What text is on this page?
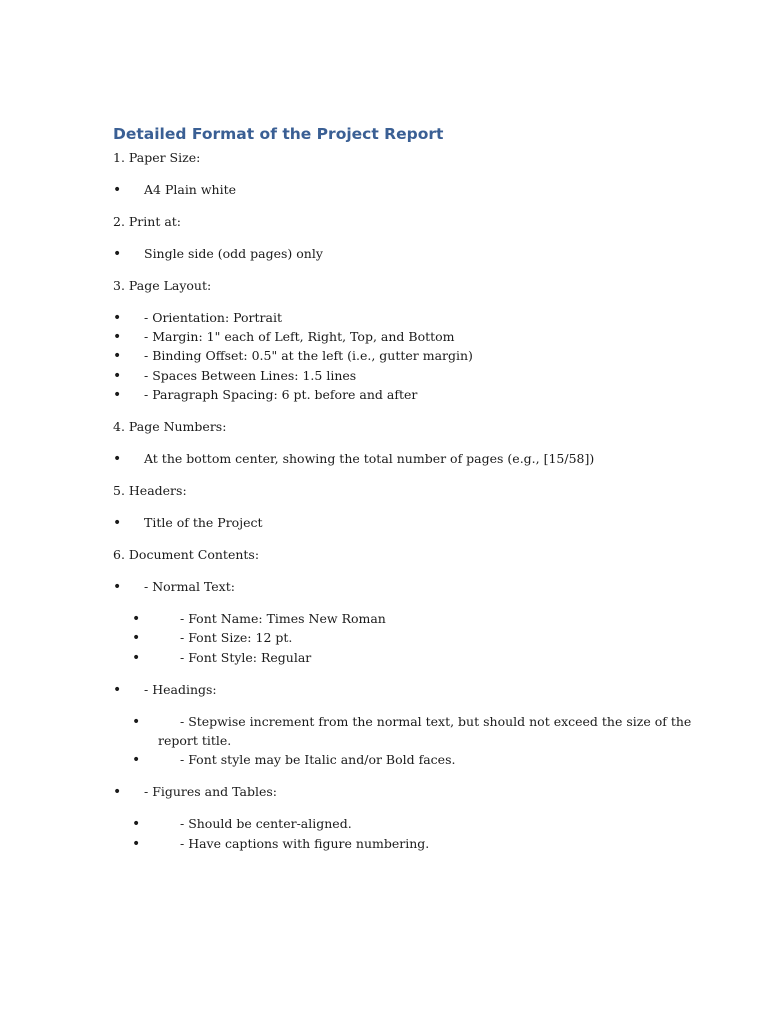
Detailed Format of the Project Report
1. Paper Size:
• A4 Plain white
2. Print at:
• Single side (odd pages) only
3. Page Layout:
• - Orientation: Portrait
• - Margin: 1" each of Left, Right, Top, and Bottom
• - Binding Offset: 0.5" at the left (i.e., gutter margin)
• - Spaces Between Lines: 1.5 lines
• - Paragraph Spacing: 6 pt. before and after
4. Page Numbers:
• At the bottom center, showing the total number of pages (e.g., [15/58])
5. Headers:
• Title of the Project
6. Document Contents:
• - Normal Text:
•	- Font Name: Times New Roman
•	- Font Size: 12 pt.
•	- Font Style: Regular
• - Headings:
•	- Stepwise increment from the normal text, but should not exceed the size of the
report title.
•	- Font style may be Italic and/or Bold faces.
• - Figures and Tables:
•	- Should be center-aligned.
•	- Have captions with figure numbering.
